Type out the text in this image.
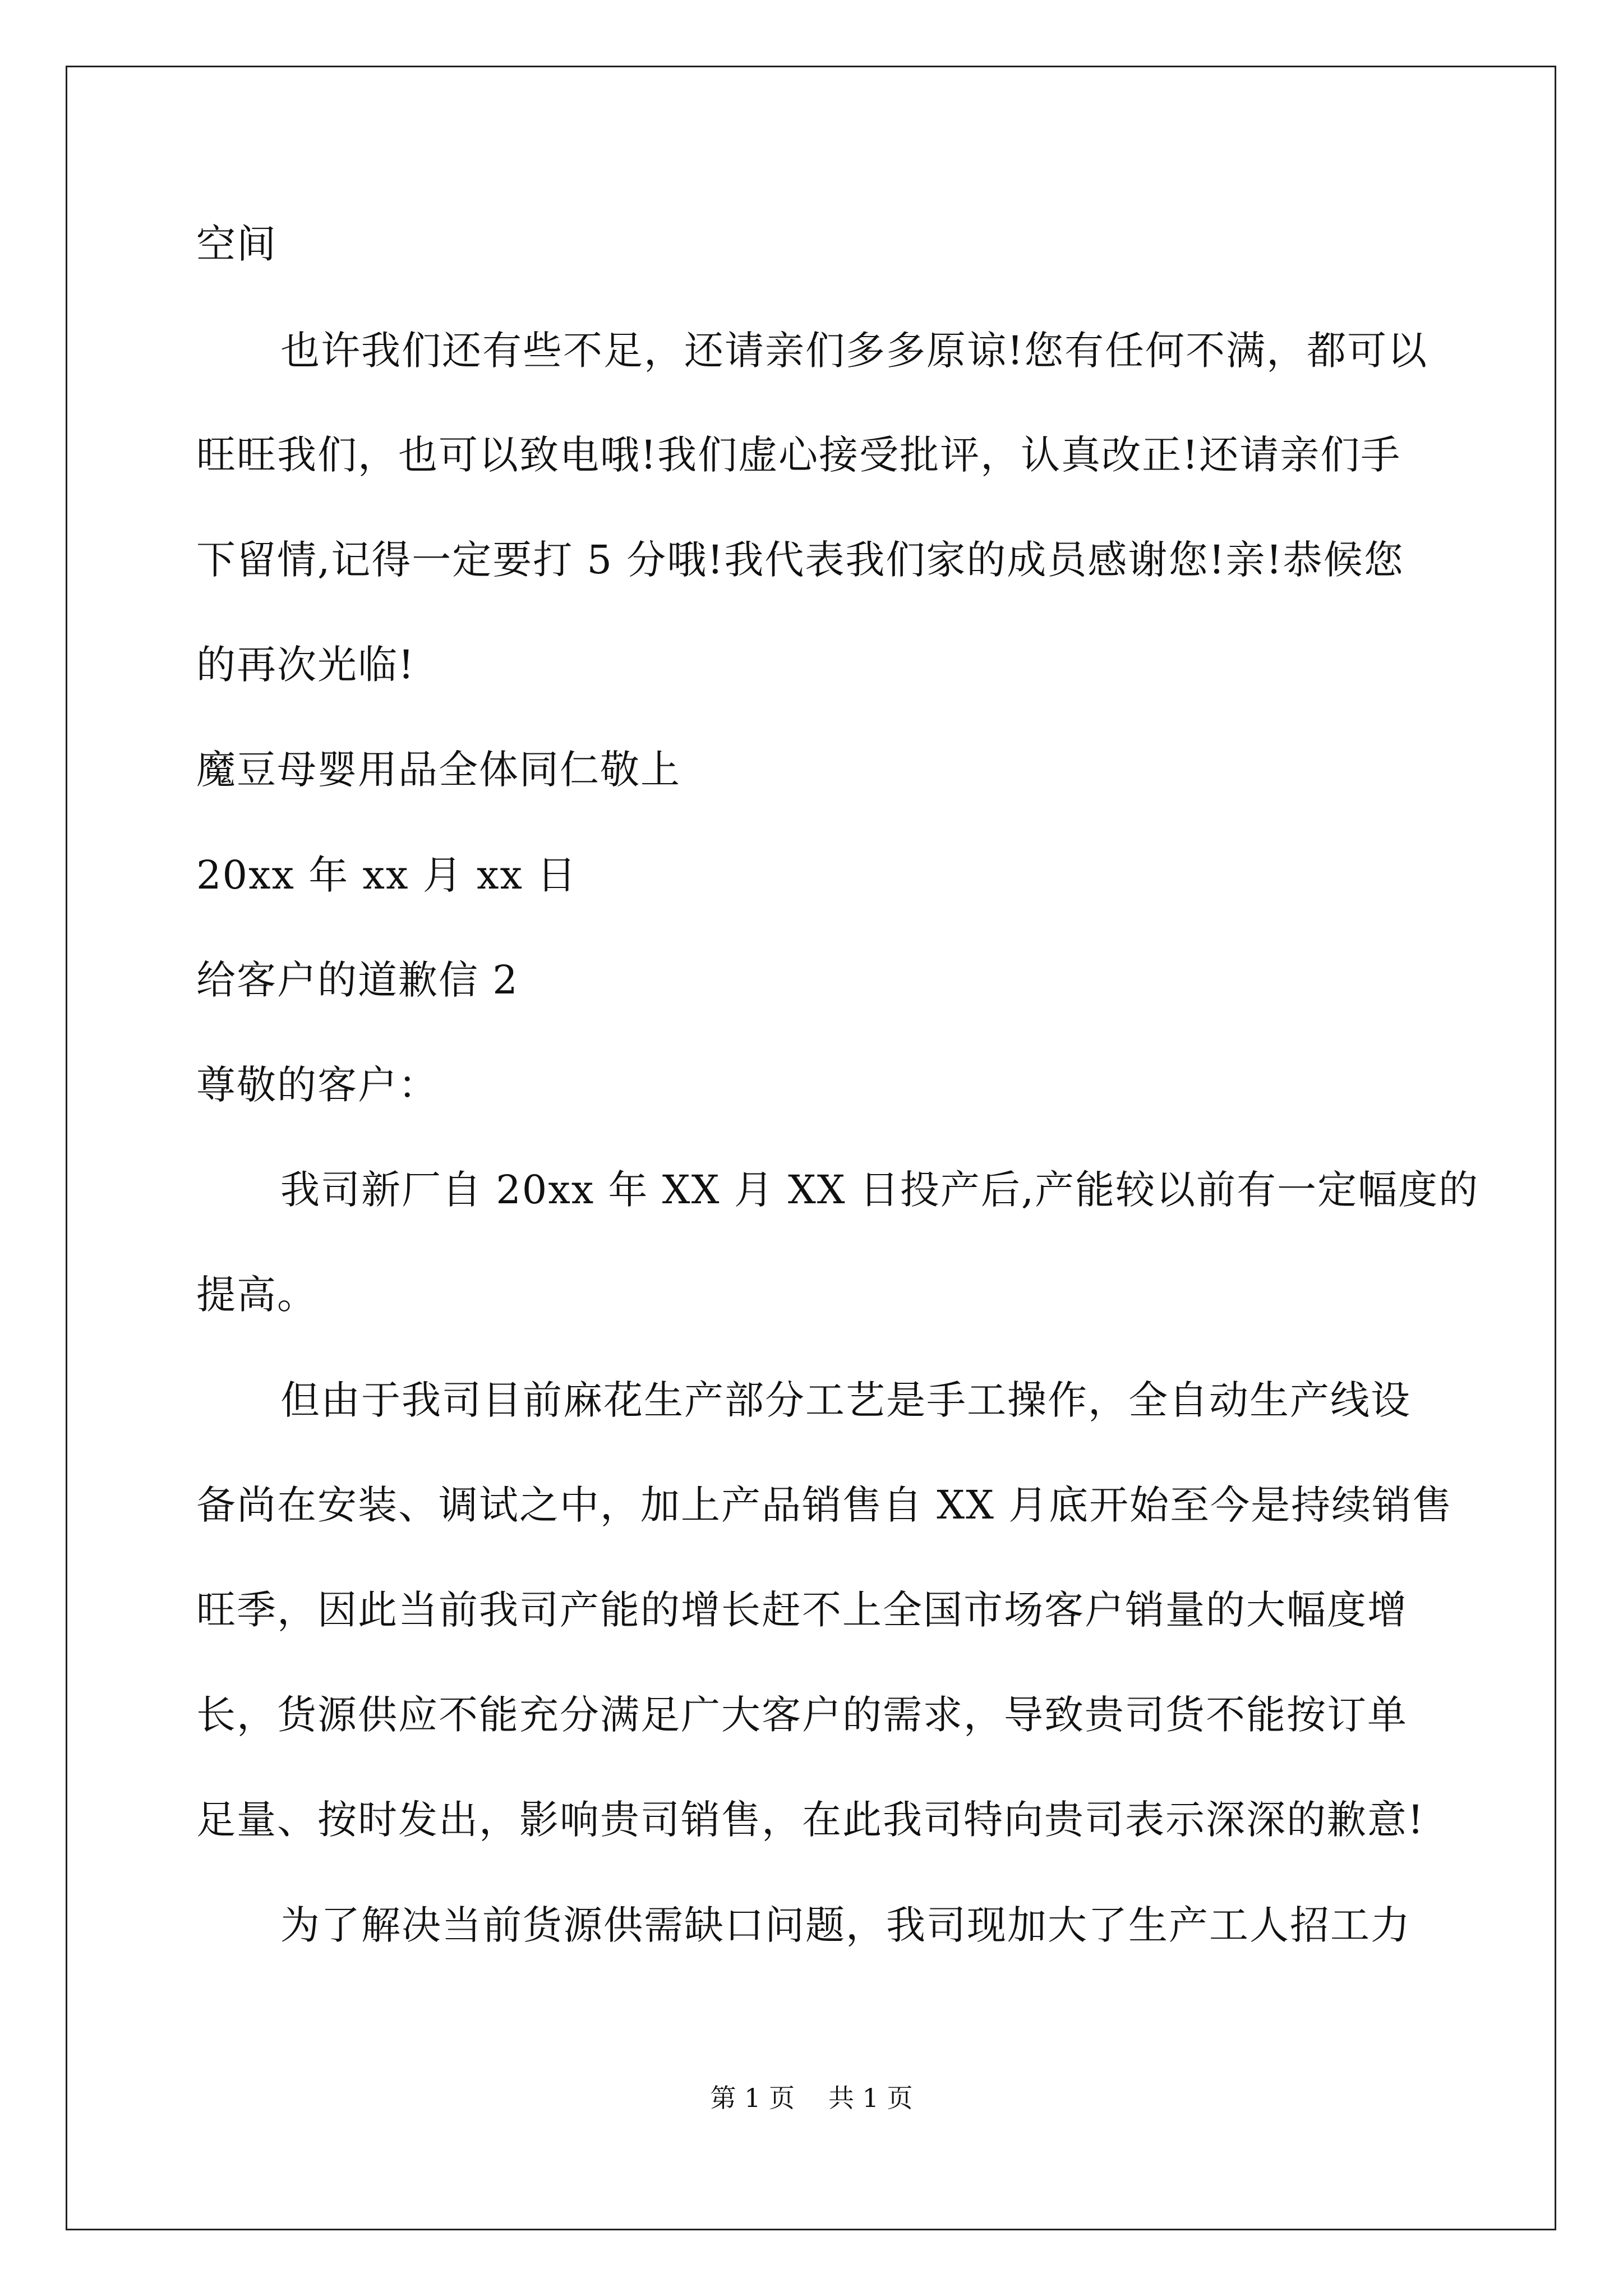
空间
也许我们还有些不足，还请亲们多多原谅!您有任何不满，都可以
旺旺我们，也可以致电哦!我们虚心接受批评，认真改正!还请亲们手
下留情,记得一定要打 5 分哦!我代表我们家的成员感谢您!亲!恭候您
的再次光临!
魔豆母婴用品全体同仁敬上
20xx 年 xx 月 xx 日
给客户的道歉信 2
尊敬的客户：
我司新厂自 20xx 年 XX 月 XX 日投产后,产能较以前有一定幅度的
提高。
但由于我司目前麻花生产部分工艺是手工操作，全自动生产线设
备尚在安装、调试之中，加上产品销售自 XX 月底开始至今是持续销售
旺季，因此当前我司产能的增长赶不上全国市场客户销量的大幅度增
长，货源供应不能充分满足广大客户的需求，导致贵司货不能按订单
足量、按时发出，影响贵司销售，在此我司特向贵司表示深深的歉意!
为了解决当前货源供需缺口问题，我司现加大了生产工人招工力
第 1 页 共 1 页
